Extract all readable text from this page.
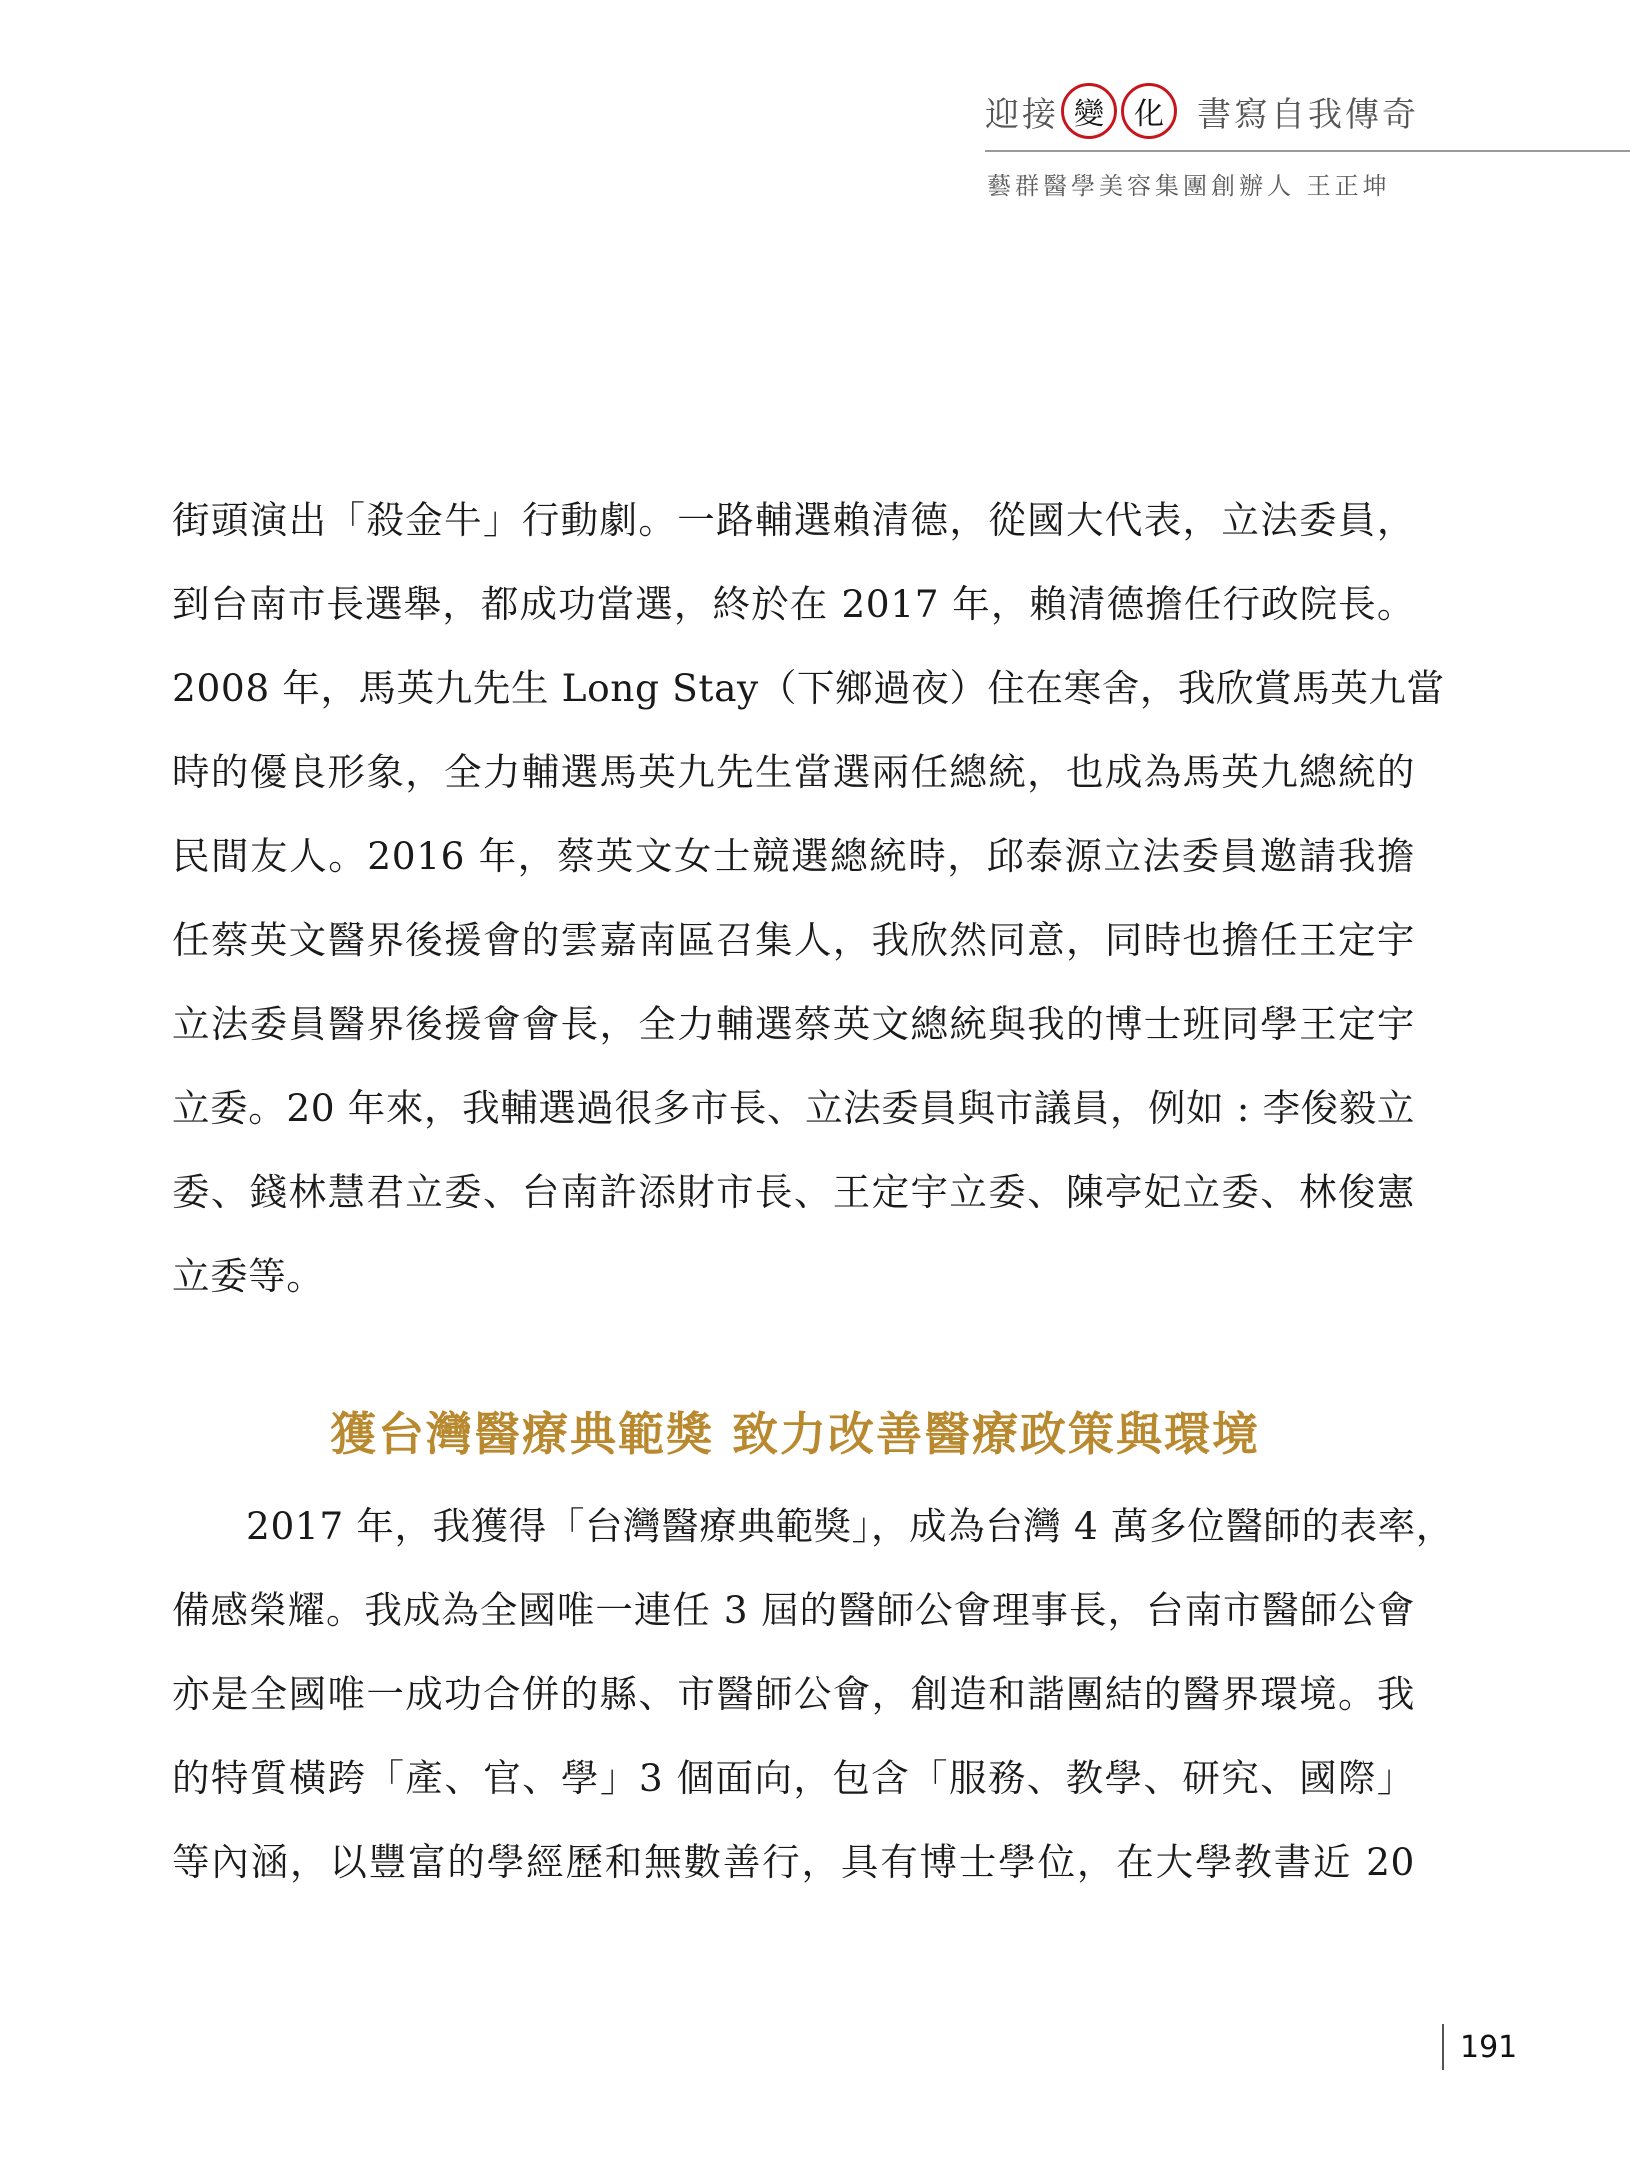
迎接 變	化 書寫自我傳奇
藝群醫學美容集團創辦人 王正坤
街頭演出「殺金牛」行動劇。一路輔選賴清德，從國大代表，立法委員，
到台南市長選舉，都成功當選，終於在 2017 年，賴清德擔任行政院長。
2008 年，馬英九先生 Long Stay（下鄉過夜）住在寒舍，我欣賞馬英九當
時的優良形象，全力輔選馬英九先生當選兩任總統，也成為馬英九總統的
民間友人。2016 年，蔡英文女士競選總統時，邱泰源立法委員邀請我擔
任蔡英文醫界後援會的雲嘉南區召集人，我欣然同意，同時也擔任王定宇
立法委員醫界後援會會長，全力輔選蔡英文總統與我的博士班同學王定宇
立委。20 年來，我輔選過很多市長、立法委員與市議員，例如 : 李俊毅立
委、錢林慧君立委、台南許添財市長、王定宇立委、陳亭妃立委、林俊憲
立委等。
獲台灣醫療典範獎 致力改善醫療政策與環境
2017 年，我獲得「台灣醫療典範獎」，成為台灣 4 萬多位醫師的表率，
備感榮耀。我成為全國唯一連任 3 屆的醫師公會理事長，台南市醫師公會
亦是全國唯一成功合併的縣、市醫師公會，創造和諧團結的醫界環境。我
的特質橫跨「產、官、學」3 個面向，包含「服務、教學、研究、國際」
等內涵，以豐富的學經歷和無數善行，具有博士學位，在大學教書近 20
191
